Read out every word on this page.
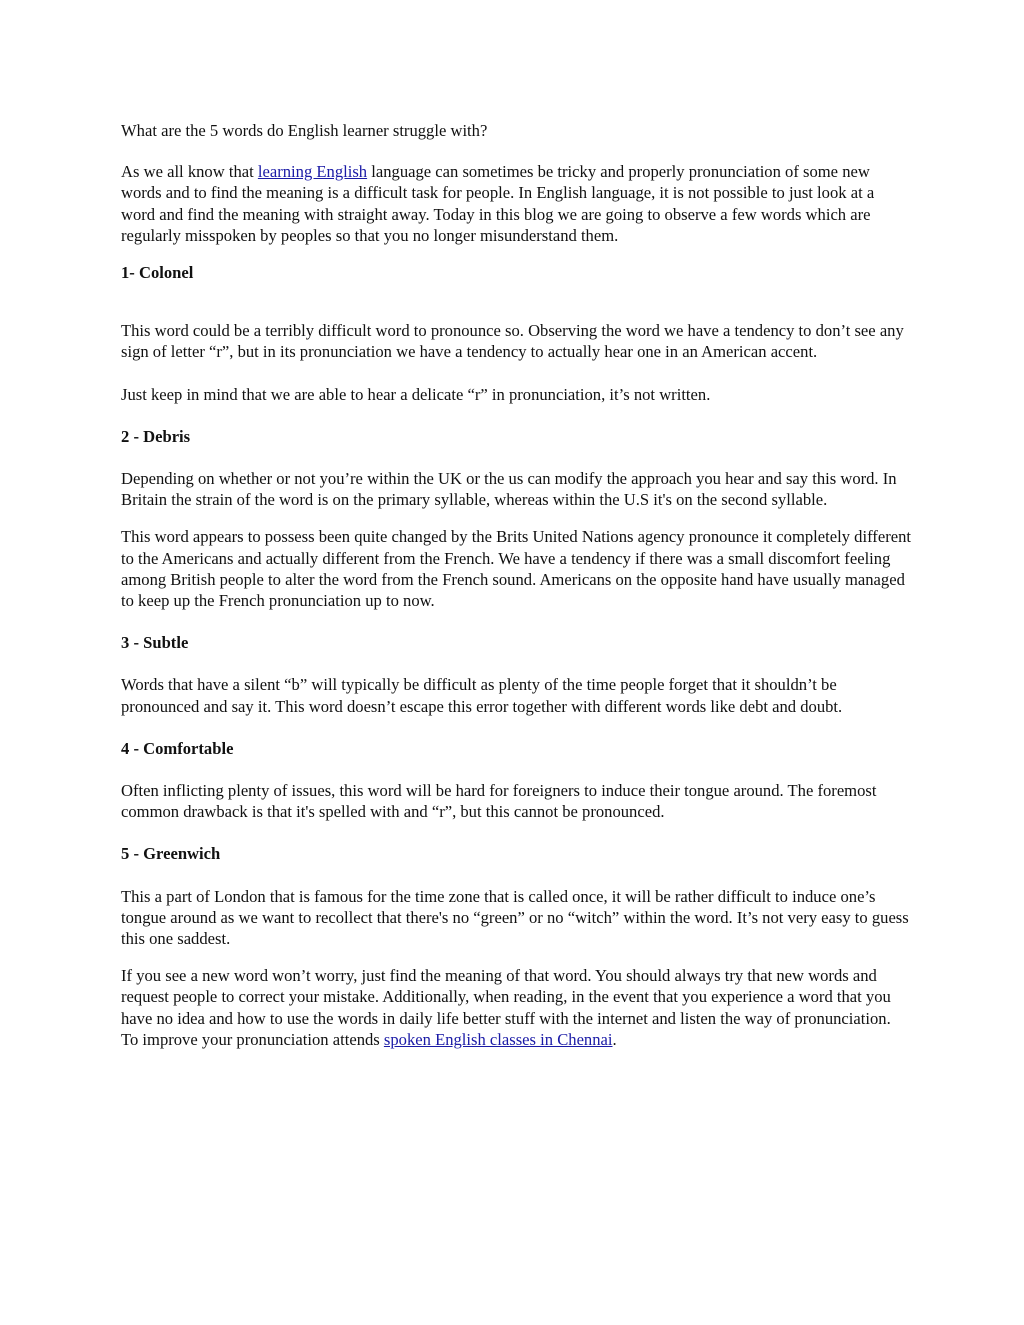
What are the 5 words do English learner struggle with?

As we all know that learning English language can sometimes be tricky and properly pronunciation of some new words and to find the meaning is a difficult task for people. In English language, it is not possible to just look at a word and find the meaning with straight away. Today in this blog we are going to observe a few words which are regularly misspoken by peoples so that you no longer misunderstand them.

1- Colonel

This word could be a terribly difficult word to pronounce so. Observing the word we have a tendency to don’t see any sign of letter “r”, but in its pronunciation we have a tendency to actually hear one in an American accent.

Just keep in mind that we are able to hear a delicate “r” in pronunciation, it’s not written.

2 - Debris

Depending on whether or not you’re within the UK or the us can modify the approach you hear and say this word. In Britain the strain of the word is on the primary syllable, whereas within the U.S it's on the second syllable.

This word appears to possess been quite changed by the Brits United Nations agency pronounce it completely different to the Americans and actually different from the French. We have a tendency if there was a small discomfort feeling among British people to alter the word from the French sound. Americans on the opposite hand have usually managed to keep up the French pronunciation up to now.

3 - Subtle

Words that have a silent “b” will typically be difficult as plenty of the time people forget that it shouldn’t be pronounced and say it. This word doesn’t escape this error together with different words like debt and doubt.

4 - Comfortable

Often inflicting plenty of issues, this word will be hard for foreigners to induce their tongue around. The foremost common drawback is that it's spelled with and “r”, but this cannot be pronounced.

5 - Greenwich

This a part of London that is famous for the time zone that is called once, it will be rather difficult to induce one’s tongue around as we want to recollect that there's no “green” or no “witch” within the word. It’s not very easy to guess this one saddest.

If you see a new word won’t worry, just find the meaning of that word. You should always try that new words and request people to correct your mistake. Additionally, when reading, in the event that you experience a word that you have no idea and how to use the words in daily life better stuff with the internet and listen the way of pronunciation. To improve your pronunciation attends spoken English classes in Chennai.
